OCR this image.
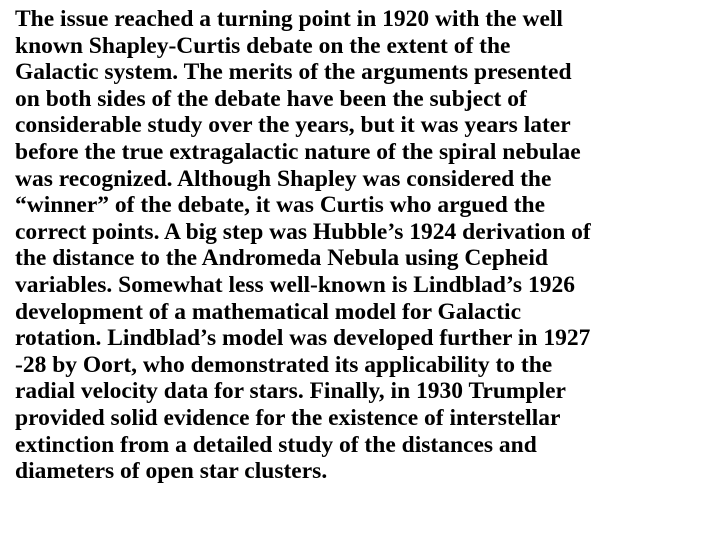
The issue reached a turning point in 1920 with the well
known Shapley-Curtis debate on the extent of the
Galactic system. The merits of the arguments presented
on both sides of the debate have been the subject of
considerable study over the years, but it was years later
before the true extragalactic nature of the spiral nebulae
was recognized. Although Shapley was considered the
“winner” of the debate, it was Curtis who argued the
correct points. A big step was Hubble’s 1924 derivation of
the distance to the Andromeda Nebula using Cepheid
variables. Somewhat less well-known is Lindblad’s 1926
development of a mathematical model for Galactic
rotation. Lindblad’s model was developed further in 1927
-28 by Oort, who demonstrated its applicability to the
radial velocity data for stars. Finally, in 1930 Trumpler
provided solid evidence for the existence of interstellar
extinction from a detailed study of the distances and
diameters of open star clusters.
